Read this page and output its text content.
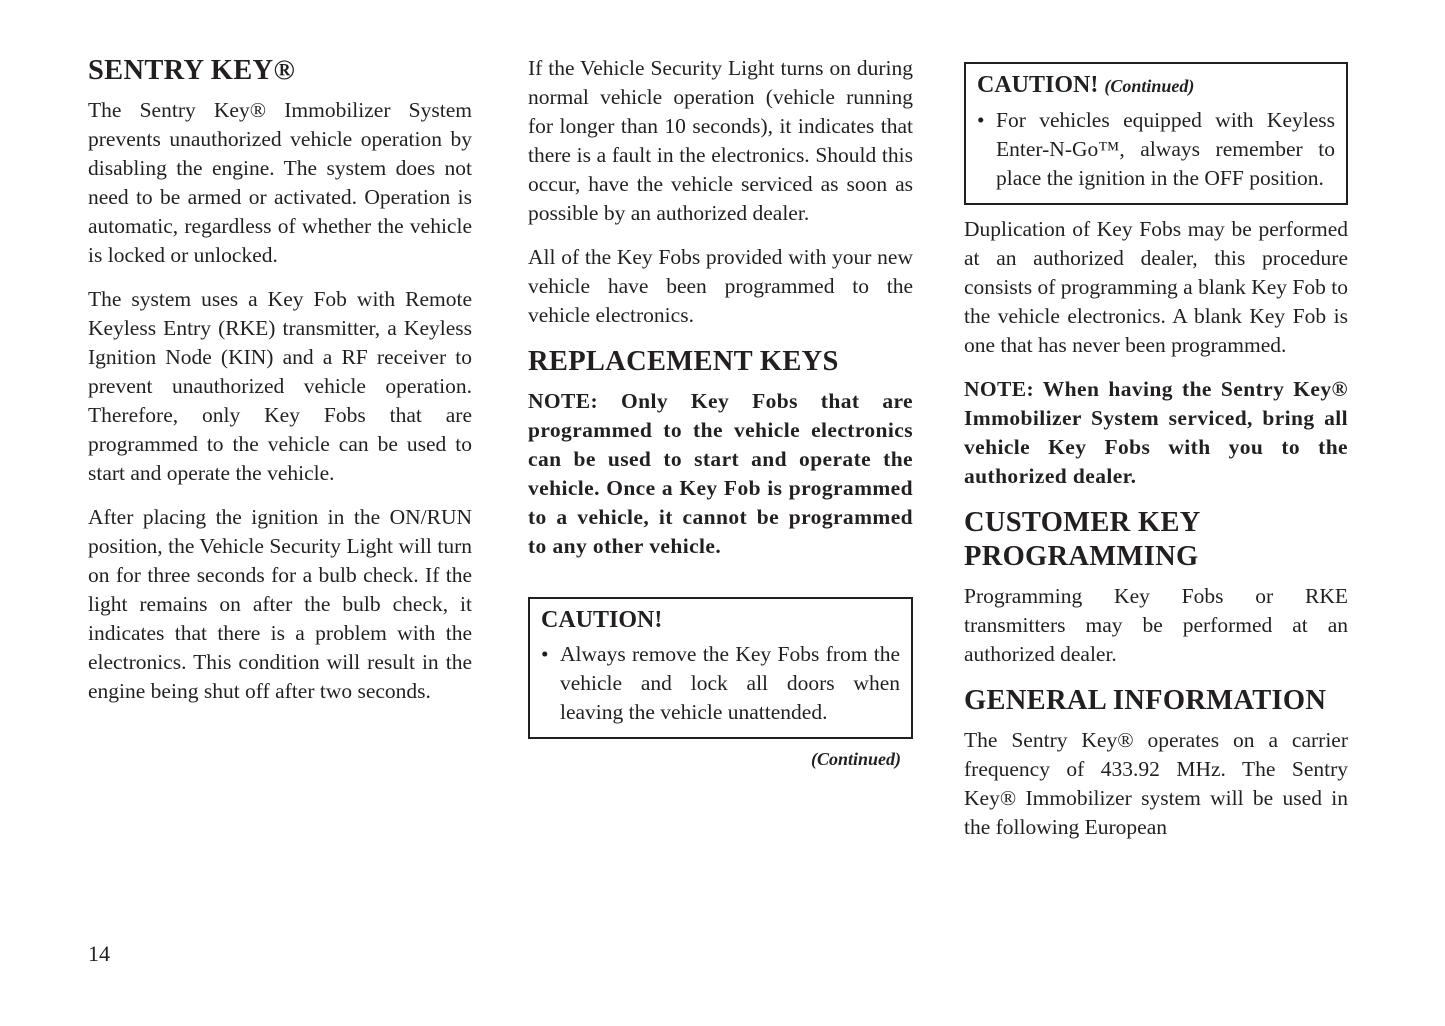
SENTRY KEY®

The Sentry Key® Immobilizer System prevents unauthorized vehicle operation by disabling the engine. The system does not need to be armed or activated. Operation is automatic, regardless of whether the vehicle is locked or unlocked.

The system uses a Key Fob with Remote Keyless Entry (RKE) transmitter, a Keyless Ignition Node (KIN) and a RF receiver to prevent unauthorized vehicle operation. Therefore, only Key Fobs that are programmed to the vehicle can be used to start and operate the vehicle.

After placing the ignition in the ON/RUN position, the Vehicle Security Light will turn on for three seconds for a bulb check. If the light remains on after the bulb check, it indicates that there is a problem with the electronics. This condition will result in the engine being shut off after two seconds.

If the Vehicle Security Light turns on during normal vehicle operation (vehicle running for longer than 10 seconds), it indicates that there is a fault in the electronics. Should this occur, have the vehicle serviced as soon as possible by an authorized dealer.

All of the Key Fobs provided with your new vehicle have been programmed to the vehicle electronics.

REPLACEMENT KEYS

NOTE: Only Key Fobs that are programmed to the vehicle electronics can be used to start and operate the vehicle. Once a Key Fob is programmed to a vehicle, it cannot be programmed to any other vehicle.

CAUTION!
• Always remove the Key Fobs from the vehicle and lock all doors when leaving the vehicle unattended.
(Continued)
CAUTION! (Continued)
• For vehicles equipped with Keyless Enter-N-Go™, always remember to place the ignition in the OFF position.

Duplication of Key Fobs may be performed at an authorized dealer, this procedure consists of programming a blank Key Fob to the vehicle electronics. A blank Key Fob is one that has never been programmed.

NOTE: When having the Sentry Key® Immobilizer System serviced, bring all vehicle Key Fobs with you to the authorized dealer.

CUSTOMER KEY PROGRAMMING

Programming Key Fobs or RKE transmitters may be performed at an authorized dealer.

GENERAL INFORMATION

The Sentry Key® operates on a carrier frequency of 433.92 MHz. The Sentry Key® Immobilizer system will be used in the following European

14
